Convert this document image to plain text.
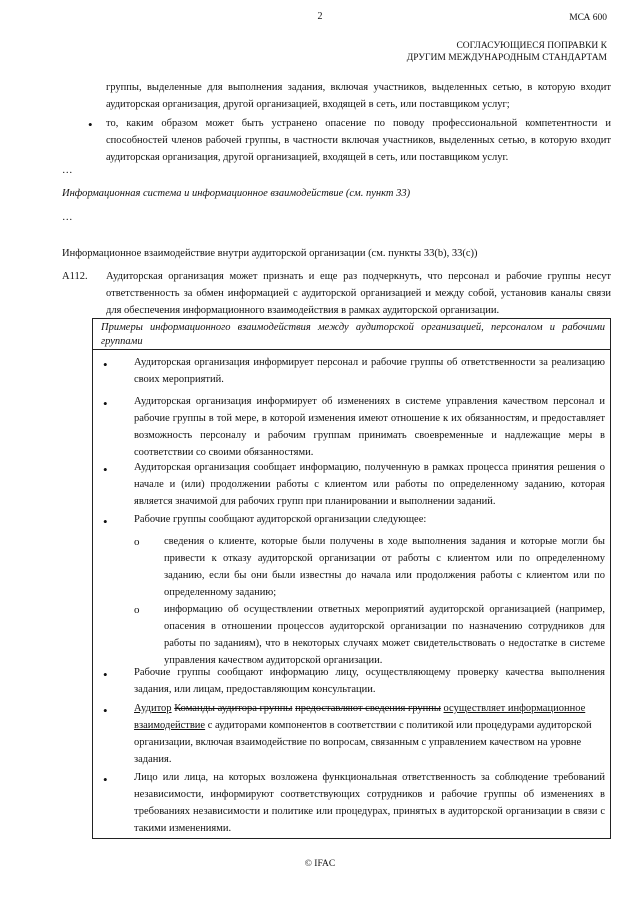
2	МСА 600
СОГЛАСУЮЩИЕСЯ ПОПРАВКИ К
ДРУГИМ МЕЖДУНАРОДНЫМ СТАНДАРТАМ
группы, выделенные для выполнения задания, включая участников, выделенных сетью, в которую входит аудиторская организация, другой организацией, входящей в сеть, или поставщиком услуг;
• то, каким образом может быть устранено опасение по поводу профессиональной компетентности и способностей членов рабочей группы, в частности включая участников, выделенных сетью, в которую входит аудиторская организация, другой организацией, входящей в сеть, или поставщиком услуг.
…
Информационная система и информационное взаимодействие (см. пункт 33)
…
Информационное взаимодействие внутри аудиторской организации (см. пункты 33(b), 33(c))
A112. Аудиторская организация может признать и еще раз подчеркнуть, что персонал и рабочие группы несут ответственность за обмен информацией с аудиторской организацией и между собой, установив каналы связи для обеспечения информационного взаимодействия в рамках аудиторской организации.
Примеры информационного взаимодействия между аудиторской организацией, персоналом и рабочими группами
•	Аудиторская организация информирует персонал и рабочие группы об ответственности за реализацию своих мероприятий.
•	Аудиторская организация информирует об изменениях в системе управления качеством персонал и рабочие группы в той мере, в которой изменения имеют отношение к их обязанностям, и предоставляет возможность персоналу и рабочим группам принимать своевременные и надлежащие меры в соответствии со своими обязанностями.
•	Аудиторская организация сообщает информацию, полученную в рамках процесса принятия решения о начале и (или) продолжении работы с клиентом или работы по определенному заданию, которая является значимой для рабочих групп при планировании и выполнении заданий.
•	Рабочие группы сообщают аудиторской организации следующее:
o сведения о клиенте, которые были получены в ходе выполнения задания и которые могли бы привести к отказу аудиторской организации от работы с клиентом или по определенному заданию, если бы они были известны до начала или продолжения работы с клиентом или по определенному заданию;
o информацию об осуществлении ответных мероприятий аудиторской организацией (например, опасения в отношении процессов аудиторской организации по назначению сотрудников для работы по заданиям), что в некоторых случаях может свидетельствовать о недостатке в системе управления качеством аудиторской организации.
•	Рабочие группы сообщают информацию лицу, осуществляющему проверку качества выполнения задания, или лицам, предоставляющим консультации.
•	Аудитор Команды аудитора группы предоставляют сведения группы осуществляет информационное
взаимодействие с аудиторами компонентов в соответствии с политикой или процедурами аудиторской
организации, включая взаимодействие по вопросам, связанным с управлением качеством на уровне
задания.
•	Лицо или лица, на которых возложена функциональная ответственность за соблюдение требований независимости, информируют соответствующих сотрудников и рабочие группы об изменениях в требованиях независимости и политике или процедурах, принятых в аудиторской организации в связи с такими изменениями.
© IFAC
